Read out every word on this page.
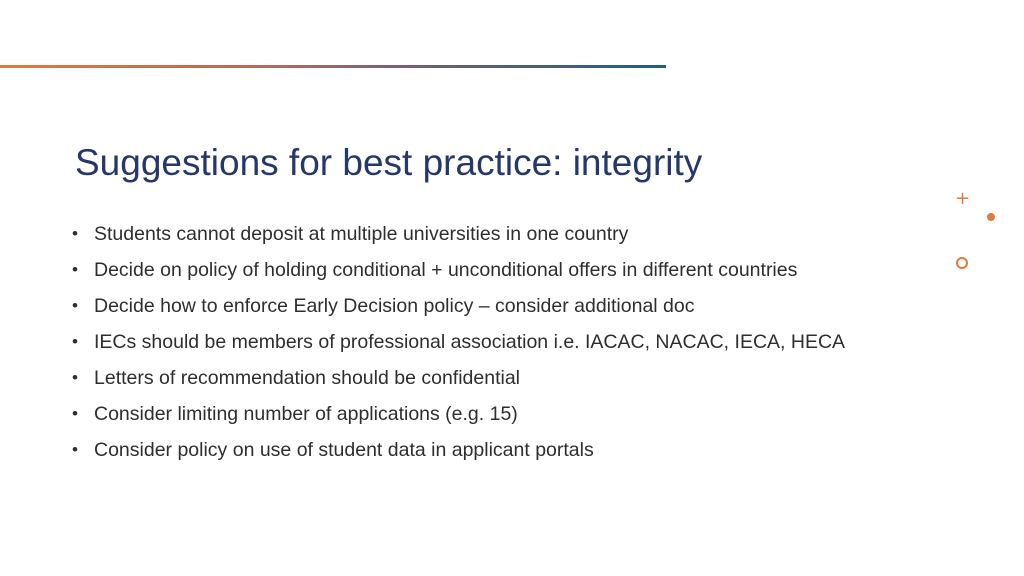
Suggestions for best practice: integrity
• Students cannot deposit at multiple universities in one country
• Decide on policy of holding conditional + unconditional offers in different countries
• Decide how to enforce Early Decision policy – consider additional doc
• IECs should be members of professional association i.e. IACAC, NACAC, IECA, HECA
• Letters of recommendation should be confidential
• Consider limiting number of applications (e.g. 15)
• Consider policy on use of student data in applicant portals
+
